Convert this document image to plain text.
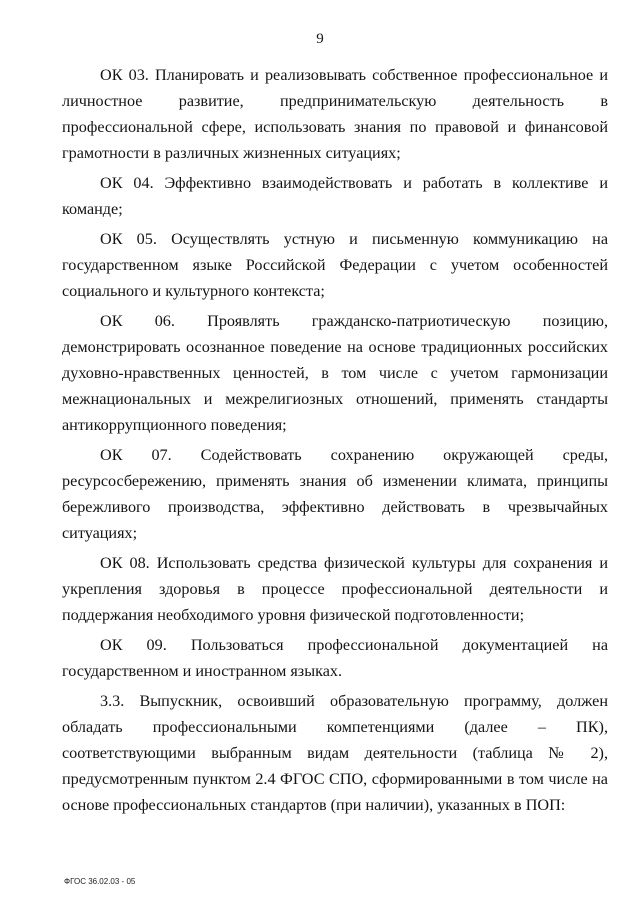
9

ОК 03. Планировать и реализовывать собственное профессиональное и личностное развитие, предпринимательскую деятельность в профессиональной сфере, использовать знания по правовой и финансовой грамотности в различных жизненных ситуациях;

ОК 04. Эффективно взаимодействовать и работать в коллективе и команде;

ОК 05. Осуществлять устную и письменную коммуникацию на государственном языке Российской Федерации с учетом особенностей социального и культурного контекста;

ОК 06. Проявлять гражданско-патриотическую позицию, демонстрировать осознанное поведение на основе традиционных российских духовно-нравственных ценностей, в том числе с учетом гармонизации межнациональных и межрелигиозных отношений, применять стандарты антикоррупционного поведения;

ОК 07. Содействовать сохранению окружающей среды, ресурсосбережению, применять знания об изменении климата, принципы бережливого производства, эффективно действовать в чрезвычайных ситуациях;

ОК 08. Использовать средства физической культуры для сохранения и укрепления здоровья в процессе профессиональной деятельности и поддержания необходимого уровня физической подготовленности;

ОК 09. Пользоваться профессиональной документацией на государственном и иностранном языках.

3.3. Выпускник, освоивший образовательную программу, должен обладать профессиональными компетенциями (далее – ПК), соответствующими выбранным видам деятельности (таблица № 2), предусмотренным пунктом 2.4 ФГОС СПО, сформированными в том числе на основе профессиональных стандартов (при наличии), указанных в ПОП:

ФГОС 36.02.03 - 05
